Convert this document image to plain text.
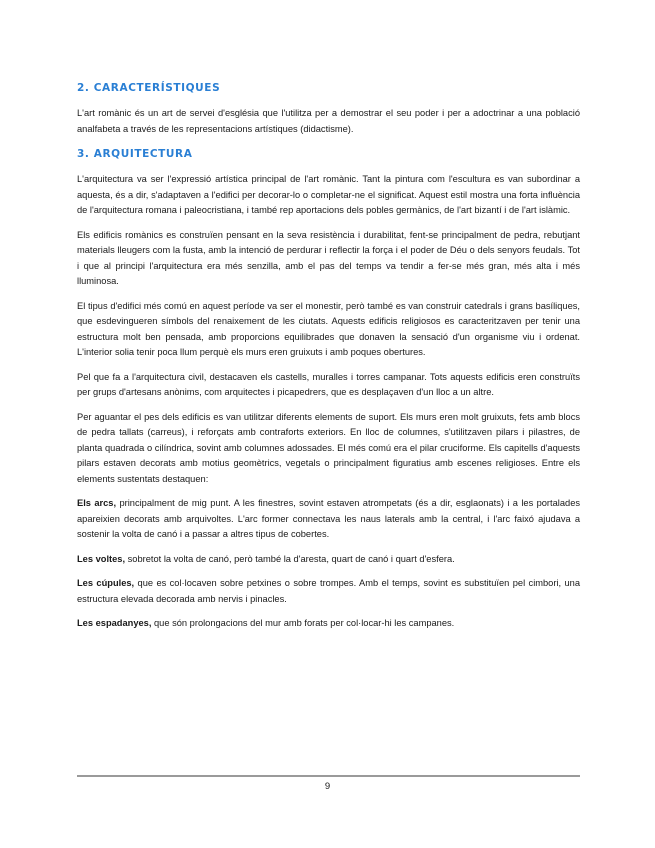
2. CARACTERÍSTIQUES

L'art romànic és un art de servei d'església que l'utilitza per a demostrar el seu poder i per a adoctrinar a una població analfabeta a través de les representacions artístiques (didactisme).

3. ARQUITECTURA

L'arquitectura va ser l'expressió artística principal de l'art romànic. Tant la pintura com l'escultura es van subordinar a aquesta, és a dir, s'adaptaven a l'edifici per decorar-lo o completar-ne el significat. Aquest estil mostra una forta influència de l'arquitectura romana i paleocristiana, i també rep aportacions dels pobles germànics, de l'art bizantí i de l'art islàmic.

Els edificis romànics es construïen pensant en la seva resistència i durabilitat, fent-se principalment de pedra, rebutjant materials lleugers com la fusta, amb la intenció de perdurar i reflectir la força i el poder de Déu o dels senyors feudals. Tot i que al principi l'arquitectura era més senzilla, amb el pas del temps va tendir a fer-se més gran, més alta i més lluminosa.

El tipus d'edifici més comú en aquest període va ser el monestir, però també es van construir catedrals i grans basíliques, que esdevingueren símbols del renaixement de les ciutats. Aquests edificis religiosos es caracteritzaven per tenir una estructura molt ben pensada, amb proporcions equilibrades que donaven la sensació d'un organisme viu i ordenat. L'interior solia tenir poca llum perquè els murs eren gruixuts i amb poques obertures.

Pel que fa a l'arquitectura civil, destacaven els castells, muralles i torres campanar. Tots aquests edificis eren construïts per grups d'artesans anònims, com arquitectes i picapedrers, que es desplaçaven d'un lloc a un altre.

Per aguantar el pes dels edificis es van utilitzar diferents elements de suport. Els murs eren molt gruixuts, fets amb blocs de pedra tallats (carreus), i reforçats amb contraforts exteriors. En lloc de columnes, s'utilitzaven pilars i pilastres, de planta quadrada o cilíndrica, sovint amb columnes adossades. El més comú era el pilar cruciforme. Els capitells d'aquests pilars estaven decorats amb motius geomètrics, vegetals o principalment figuratius amb escenes religioses. Entre els elements sustentats destaquen:

Els arcs, principalment de mig punt. A les finestres, sovint estaven atrompetats (és a dir, esglaonats) i a les portalades apareixien decorats amb arquivoltes. L'arc former connectava les naus laterals amb la central, i l'arc faixó ajudava a sostenir la volta de canó i a passar a altres tipus de cobertes.

Les voltes, sobretot la volta de canó, però també la d'aresta, quart de canó i quart d'esfera.

Les cúpules, que es col·locaven sobre petxines o sobre trompes. Amb el temps, sovint es substituïen pel cimbori, una estructura elevada decorada amb nervis i pinacles.

Les espadanyes, que són prolongacions del mur amb forats per col·locar-hi les campanes.

9
